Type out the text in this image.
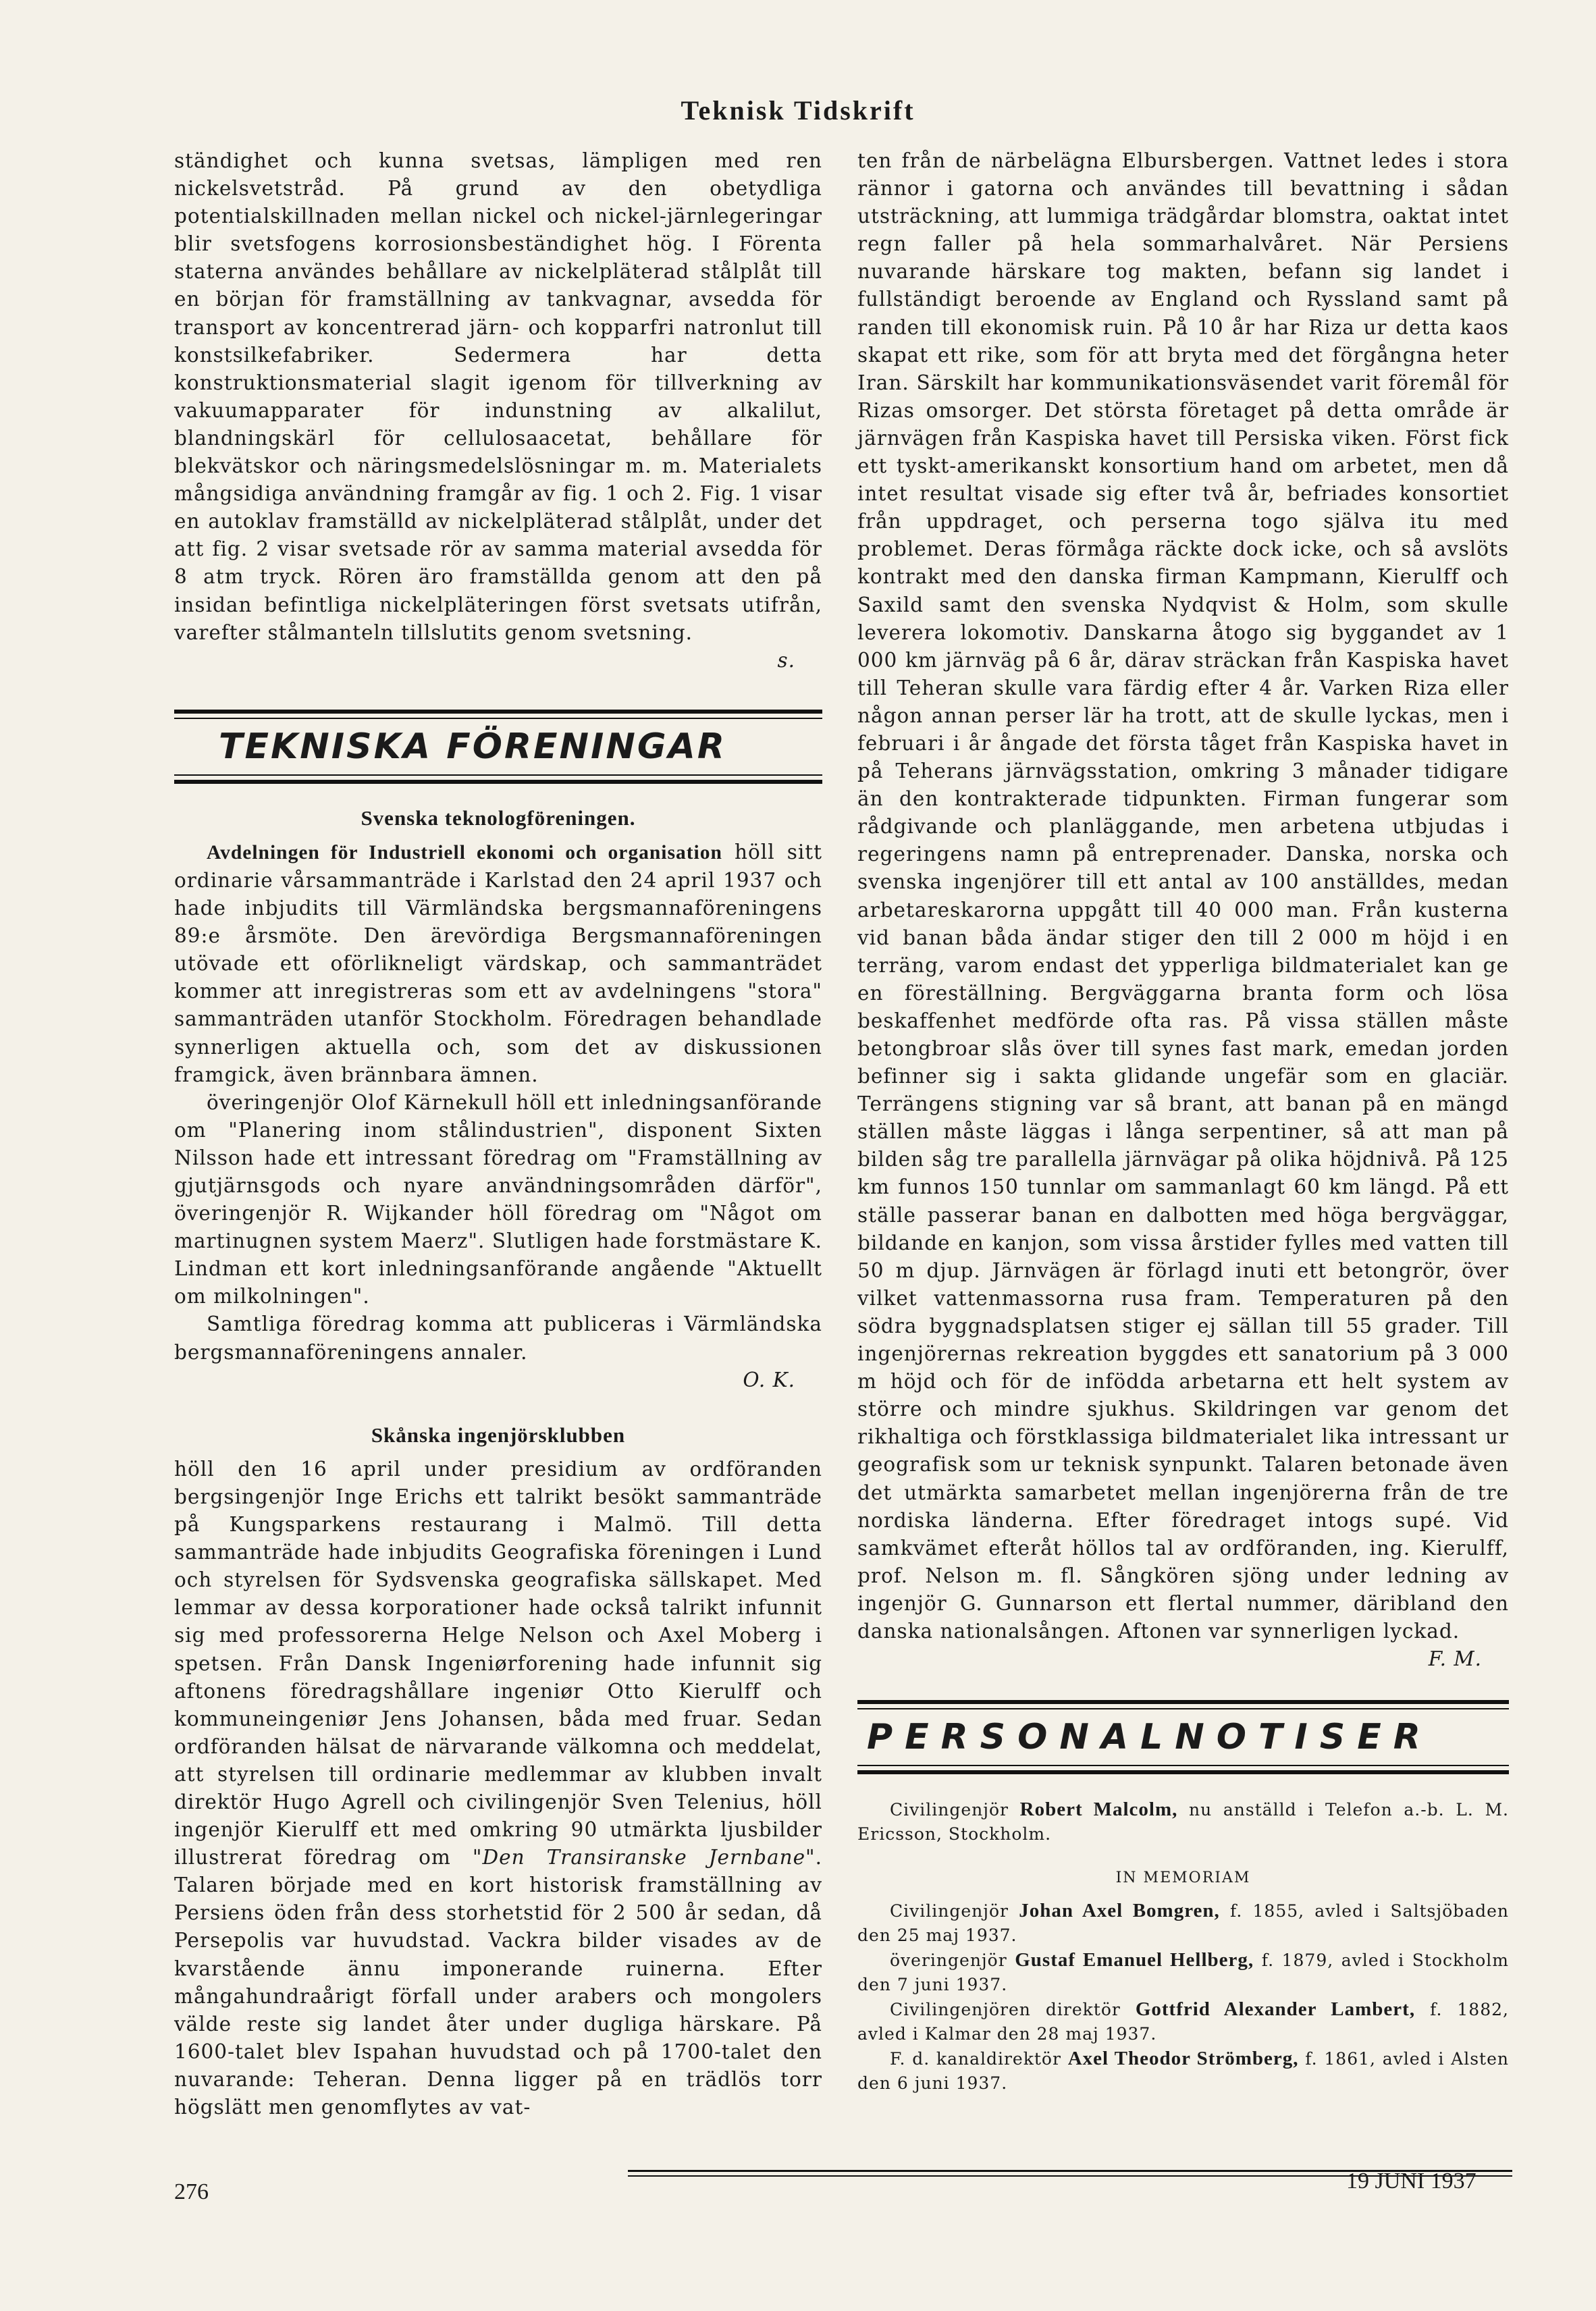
Teknisk Tidskrift

ständighet och kunna svetsas, lämpligen med ren nickelsvetstråd. På grund av den obetydliga potentialskillnaden mellan nickel och nickel-järnlegeringar blir svetsfogens korrosionsbeständighet hög. I Förenta staterna användes behållare av nickelpläterad stålplåt till en början för framställning av tankvagnar, avsedda för transport av koncentrerad järn- och kopparfri natronlut till konstsilkefabriker. Sedermera har detta konstruktionsmaterial slagit igenom för tillverkning av vakuumapparater för indunstning av alkalilut, blandningskärl för cellulosaacetat, behållare för blekvätskor och näringsmedelslösningar m. m. Materialets mångsidiga användning framgår av fig. 1 och 2. Fig. 1 visar en autoklav framställd av nickelpläterad stålplåt, under det att fig. 2 visar svetsade rör av samma material avsedda för 8 atm tryck. Rören äro framställda genom att den på insidan befintliga nickelpläteringen först svetsats utifrån, varefter stålmanteln tillslutits genom svetsning.

s.

TEKNISKA FÖRENINGAR
Svenska teknologföreningen.

Avdelningen för Industriell ekonomi och organisation höll sitt ordinarie vårsammanträde i Karlstad den 24 april 1937 och hade inbjudits till Värmländska bergsmannaföreningens 89:e årsmöte. Den ärevördiga Bergsmannaföreningen utövade ett oförlikneligt värdskap, och sammanträdet kommer att inregistreras som ett av avdelningens "stora" sammanträden utanför Stockholm. Föredragen behandlade synnerligen aktuella och, som det av diskussionen framgick, även brännbara ämnen.

överingenjör Olof Kärnekull höll ett inledningsanförande om "Planering inom stålindustrien", disponent Sixten Nilsson hade ett intressant föredrag om "Framställning av gjutjärnsgods och nyare användningsområden därför", överingenjör R. Wijkander höll föredrag om "Något om martinugnen system Maerz". Slutligen hade forstmästare K. Lindman ett kort inledningsanförande angående "Aktuellt om milkolningen".

Samtliga föredrag komma att publiceras i Värmländska bergsmannaföreningens annaler.

O. K.

Skånska ingenjörsklubben

höll den 16 april under presidium av ordföranden bergsingenjör Inge Erichs ett talrikt besökt sammanträde på Kungsparkens restaurang i Malmö. Till detta sammanträde hade inbjudits Geografiska föreningen i Lund och styrelsen för Sydsvenska geografiska sällskapet. Med lemmar av dessa korporationer hade också talrikt infunnit sig med professorerna Helge Nelson och Axel Moberg i spetsen. Från Dansk Ingeniørforening hade infunnit sig aftonens föredragshållare ingeniør Otto Kierulff och kommuneingeniør Jens Johansen, båda med fruar. Sedan ordföranden hälsat de närvarande välkomna och meddelat, att styrelsen till ordinarie medlemmar av klubben invalt direktör Hugo Agrell och civilingenjör Sven Telenius, höll ingenjör Kierulff ett med omkring 90 utmärkta ljusbilder illustrerat föredrag om "Den Transiranske Jernbane". Talaren började med en kort historisk framställning av Persiens öden från dess storhetstid för 2 500 år sedan, då Persepolis var huvudstad. Vackra bilder visades av de kvarstående ännu imponerande ruinerna. Efter mångahundraårigt förfall under arabers och mongolers välde reste sig landet åter under dugliga härskare. På 1600-talet blev Ispahan huvudstad och på 1700-talet den nuvarande: Teheran. Denna ligger på en trädlös torr högslätt men genomflytes av vat-

ten från de närbelägna Elbursbergen. Vattnet ledes i stora rännor i gatorna och användes till bevattning i sådan utsträckning, att lummiga trädgårdar blomstra, oaktat intet regn faller på hela sommarhalvåret. När Persiens nuvarande härskare tog makten, befann sig landet i fullständigt beroende av England och Ryssland samt på randen till ekonomisk ruin. På 10 år har Riza ur detta kaos skapat ett rike, som för att bryta med det förgångna heter Iran. Särskilt har kommunikationsväsendet varit föremål för Rizas omsorger. Det största företaget på detta område är järnvägen från Kaspiska havet till Persiska viken. Först fick ett tyskt-amerikanskt konsortium hand om arbetet, men då intet resultat visade sig efter två år, befriades konsortiet från uppdraget, och perserna togo själva itu med problemet. Deras förmåga räckte dock icke, och så avslöts kontrakt med den danska firman Kampmann, Kierulff och Saxild samt den svenska Nydqvist & Holm, som skulle leverera lokomotiv. Danskarna åtogo sig byggandet av 1 000 km järnväg på 6 år, därav sträckan från Kaspiska havet till Teheran skulle vara färdig efter 4 år. Varken Riza eller någon annan perser lär ha trott, att de skulle lyckas, men i februari i år ångade det första tåget från Kaspiska havet in på Teherans järnvägsstation, omkring 3 månader tidigare än den kontrakterade tidpunkten. Firman fungerar som rådgivande och planläggande, men arbetena utbjudas i regeringens namn på entreprenader. Danska, norska och svenska ingenjörer till ett antal av 100 anställdes, medan arbetareskarorna uppgått till 40 000 man. Från kusterna vid banan båda ändar stiger den till 2 000 m höjd i en terräng, varom endast det ypperliga bildmaterialet kan ge en föreställning. Bergväggarna branta form och lösa beskaffenhet medförde ofta ras. På vissa ställen måste betongbroar slås över till synes fast mark, emedan jorden befinner sig i sakta glidande ungefär som en glaciär. Terrängens stigning var så brant, att banan på en mängd ställen måste läggas i långa serpentiner, så att man på bilden såg tre parallella järnvägar på olika höjdnivå. På 125 km funnos 150 tunnlar om sammanlagt 60 km längd. På ett ställe passerar banan en dalbotten med höga bergväggar, bildande en kanjon, som vissa årstider fylles med vatten till 50 m djup. Järnvägen är förlagd inuti ett betongrör, över vilket vattenmassorna rusa fram. Temperaturen på den södra byggnadsplatsen stiger ej sällan till 55 grader. Till ingenjörernas rekreation byggdes ett sanatorium på 3 000 m höjd och för de infödda arbetarna ett helt system av större och mindre sjukhus. Skildringen var genom det rikhaltiga och förstklassiga bildmaterialet lika intressant ur geografisk som ur teknisk synpunkt. Talaren betonade även det utmärkta samarbetet mellan ingenjörerna från de tre nordiska länderna. Efter föredraget intogs supé. Vid samkvämet efteråt höllos tal av ordföranden, ing. Kierulff, prof. Nelson m. fl. Sångkören sjöng under ledning av ingenjör G. Gunnarson ett flertal nummer, däribland den danska nationalsången. Aftonen var synnerligen lyckad.

F. M.

PERSONALNOTISER

Civilingenjör Robert Malcolm, nu anställd i Telefon a.-b. L. M. Ericsson, Stockholm.

IN MEMORIAM

Civilingenjör Johan Axel Bomgren, f. 1855, avled i Saltsjöbaden den 25 maj 1937.

överingenjör Gustaf Emanuel Hellberg, f. 1879, avled i Stockholm den 7 juni 1937.

Civilingenjören direktör Gottfrid Alexander Lambert, f. 1882, avled i Kalmar den 28 maj 1937.

F. d. kanaldirektör Axel Theodor Strömberg, f. 1861, avled i Alsten den 6 juni 1937.

276	19 JUNI 1937
